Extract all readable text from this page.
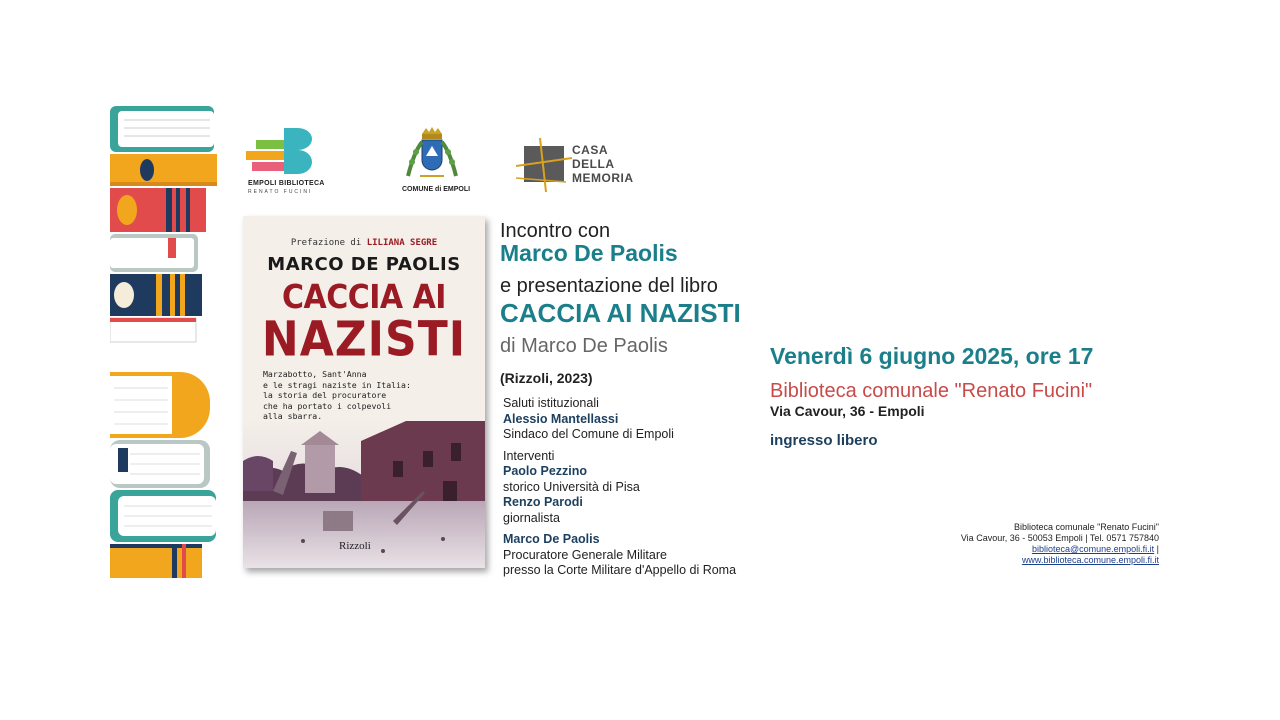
EMPOLI BIBLIOTECA
RENATO FUCINI	COMUNE di EMPOLI
CASA
DELLA
MEMORIA
Prefazione di LILIANA SEGRE
MARCO DE PAOLIS
CACCIA AI
NAZISTI
Marzabotto, Sant'Anna
e le stragi naziste in Italia:
la storia del procuratore
che ha portato i colpevoli
alla sbarra.
Rizzoli
Incontro con
Marco De Paolis
e presentazione del libro
CACCIA AI NAZISTI
di Marco De Paolis
(Rizzoli, 2023)
Saluti istituzionali
Alessio Mantellassi
Sindaco del Comune di Empoli
Interventi
Paolo Pezzino
storico Università di Pisa
Renzo Parodi
giornalista
Marco De Paolis
Procuratore Generale Militare
presso la Corte Militare d'Appello di Roma
Venerdì 6 giugno 2025, ore 17
Biblioteca comunale "Renato Fucini"
Via Cavour, 36 - Empoli
ingresso libero
Biblioteca comunale "Renato Fucini"
Via Cavour, 36 - 50053 Empoli | Tel. 0571 757840
biblioteca@comune.empoli.fi.it |
www.biblioteca.comune.empoli.fi.it
